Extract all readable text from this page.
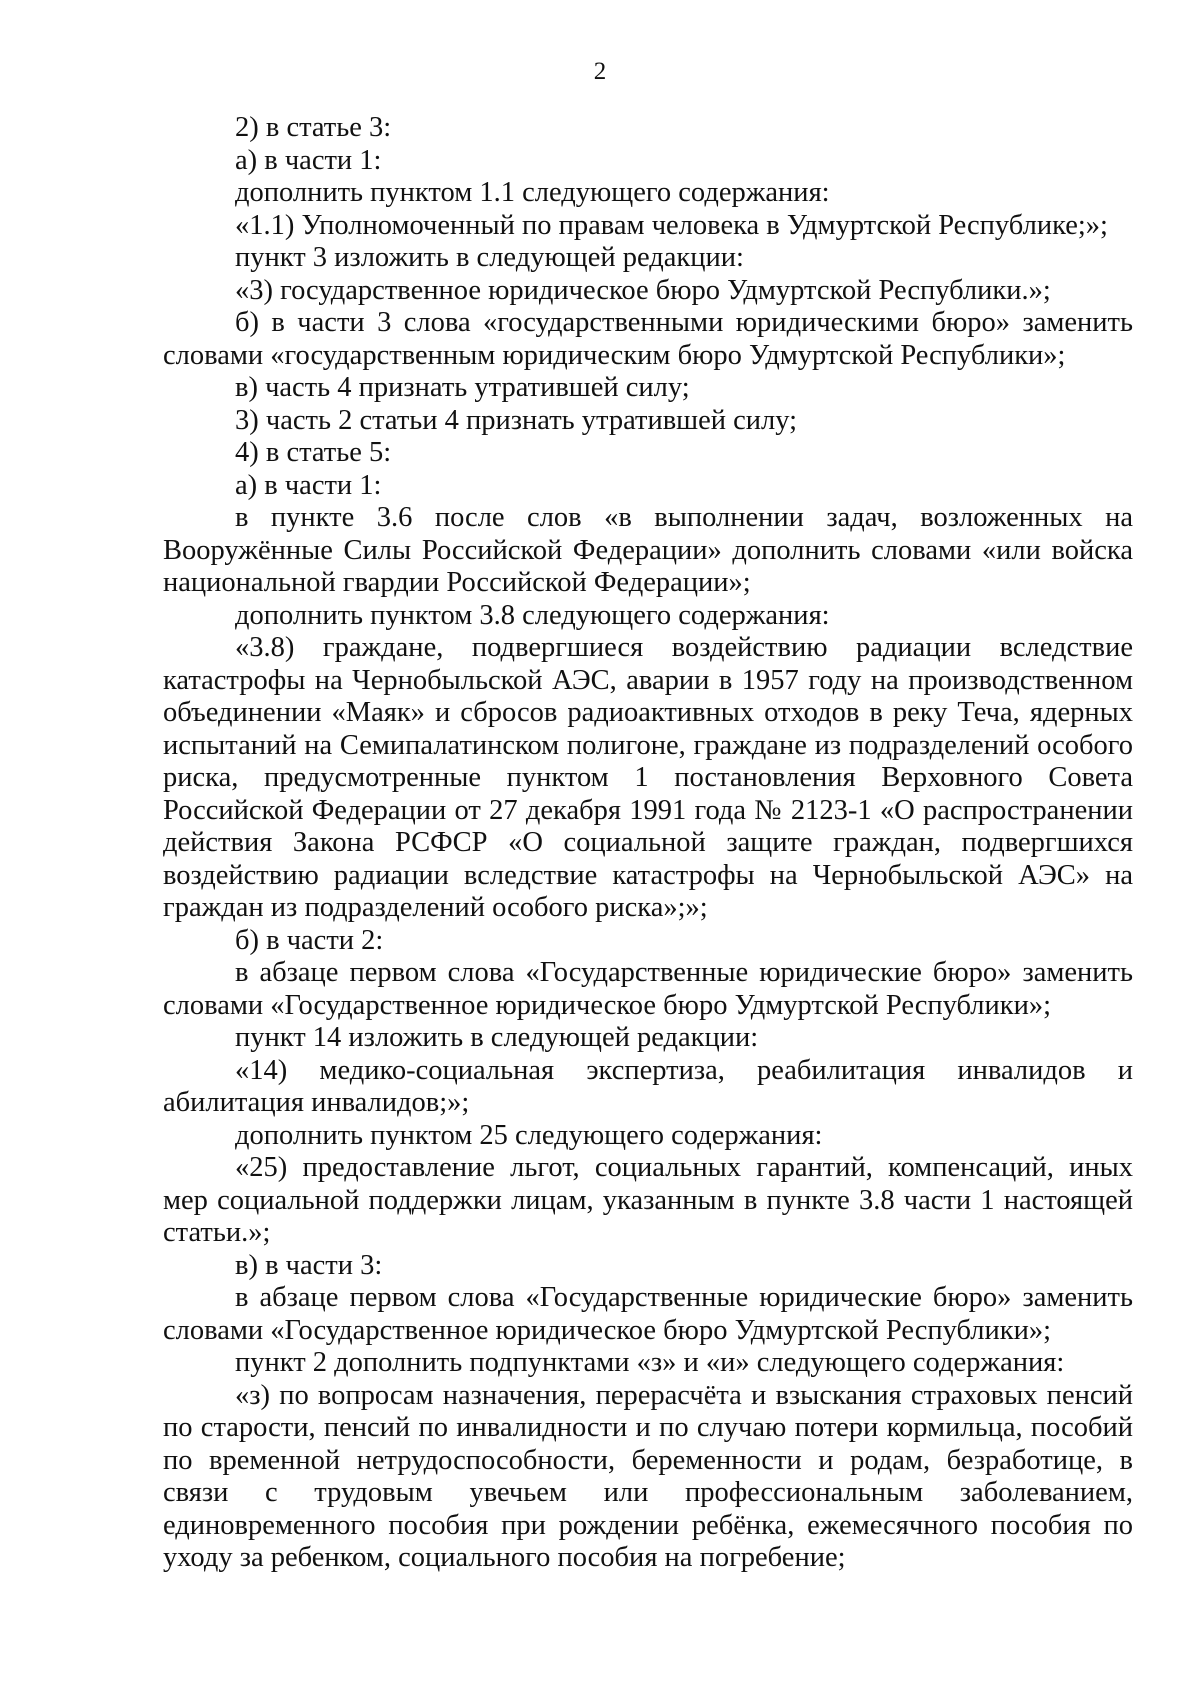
2

2) в статье 3:

а) в части 1:

дополнить пунктом 1.1 следующего содержания:

«1.1) Уполномоченный по правам человека в Удмуртской Республике;»;

пункт 3 изложить в следующей редакции:

«3) государственное юридическое бюро Удмуртской Республики.»;

б) в части 3 слова «государственными юридическими бюро» заменить словами «государственным юридическим бюро Удмуртской Республики»;

в) часть 4 признать утратившей силу;

3) часть 2 статьи 4 признать утратившей силу;

4) в статье 5:

а) в части 1:

в пункте 3.6 после слов «в выполнении задач, возложенных на Вооружённые Силы Российской Федерации» дополнить словами «или войска национальной гвардии Российской Федерации»;

дополнить пунктом 3.8 следующего содержания:

«3.8) граждане, подвергшиеся воздействию радиации вследствие катастрофы на Чернобыльской АЭС, аварии в 1957 году на производственном объединении «Маяк» и сбросов радиоактивных отходов в реку Теча, ядерных испытаний на Семипалатинском полигоне, граждане из подразделений особого риска, предусмотренные пунктом 1 постановления Верховного Совета Российской Федерации от 27 декабря 1991 года № 2123-1 «О распространении действия Закона РСФСР «О социальной защите граждан, подвергшихся воздействию радиации вследствие катастрофы на Чернобыльской АЭС» на граждан из подразделений особого риска»;»;

б) в части 2:

в абзаце первом слова «Государственные юридические бюро» заменить словами «Государственное юридическое бюро Удмуртской Республики»;

пункт 14 изложить в следующей редакции:

«14) медико-социальная экспертиза, реабилитация инвалидов и абилитация инвалидов;»;

дополнить пунктом 25 следующего содержания:

«25) предоставление льгот, социальных гарантий, компенсаций, иных мер социальной поддержки лицам, указанным в пункте 3.8 части 1 настоящей статьи.»;

в) в части 3:

в абзаце первом слова «Государственные юридические бюро» заменить словами «Государственное юридическое бюро Удмуртской Республики»;

пункт 2 дополнить подпунктами «з» и «и» следующего содержания:

«з) по вопросам назначения, перерасчёта и взыскания страховых пенсий по старости, пенсий по инвалидности и по случаю потери кормильца, пособий по временной нетрудоспособности, беременности и родам, безработице, в связи с трудовым увечьем или профессиональным заболеванием, единовременного пособия при рождении ребёнка, ежемесячного пособия по уходу за ребенком, социального пособия на погребение;
